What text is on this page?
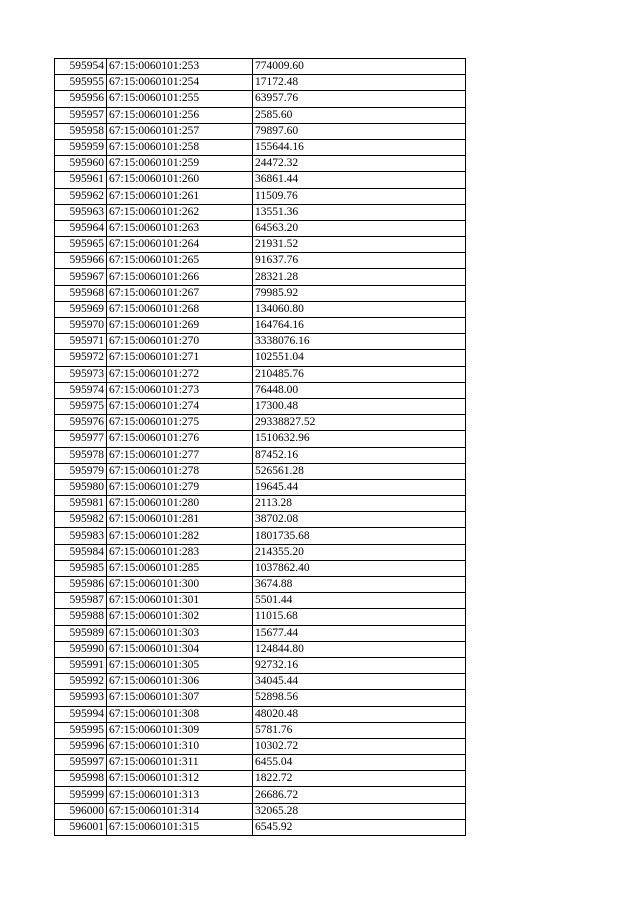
595954	67:15:0060101:253	774009.60
595955	67:15:0060101:254	17172.48
595956	67:15:0060101:255	63957.76
595957	67:15:0060101:256	2585.60
595958	67:15:0060101:257	79897.60
595959	67:15:0060101:258	155644.16
595960	67:15:0060101:259	24472.32
595961	67:15:0060101:260	36861.44
595962	67:15:0060101:261	11509.76
595963	67:15:0060101:262	13551.36
595964	67:15:0060101:263	64563.20
595965	67:15:0060101:264	21931.52
595966	67:15:0060101:265	91637.76
595967	67:15:0060101:266	28321.28
595968	67:15:0060101:267	79985.92
595969	67:15:0060101:268	134060.80
595970	67:15:0060101:269	164764.16
595971	67:15:0060101:270	3338076.16
595972	67:15:0060101:271	102551.04
595973	67:15:0060101:272	210485.76
595974	67:15:0060101:273	76448.00
595975	67:15:0060101:274	17300.48
595976	67:15:0060101:275	29338827.52
595977	67:15:0060101:276	1510632.96
595978	67:15:0060101:277	87452.16
595979	67:15:0060101:278	526561.28
595980	67:15:0060101:279	19645.44
595981	67:15:0060101:280	2113.28
595982	67:15:0060101:281	38702.08
595983	67:15:0060101:282	1801735.68
595984	67:15:0060101:283	214355.20
595985	67:15:0060101:285	1037862.40
595986	67:15:0060101:300	3674.88
595987	67:15:0060101:301	5501.44
595988	67:15:0060101:302	11015.68
595989	67:15:0060101:303	15677.44
595990	67:15:0060101:304	124844.80
595991	67:15:0060101:305	92732.16
595992	67:15:0060101:306	34045.44
595993	67:15:0060101:307	52898.56
595994	67:15:0060101:308	48020.48
595995	67:15:0060101:309	5781.76
595996	67:15:0060101:310	10302.72
595997	67:15:0060101:311	6455.04
595998	67:15:0060101:312	1822.72
595999	67:15:0060101:313	26686.72
596000	67:15:0060101:314	32065.28
596001	67:15:0060101:315	6545.92
